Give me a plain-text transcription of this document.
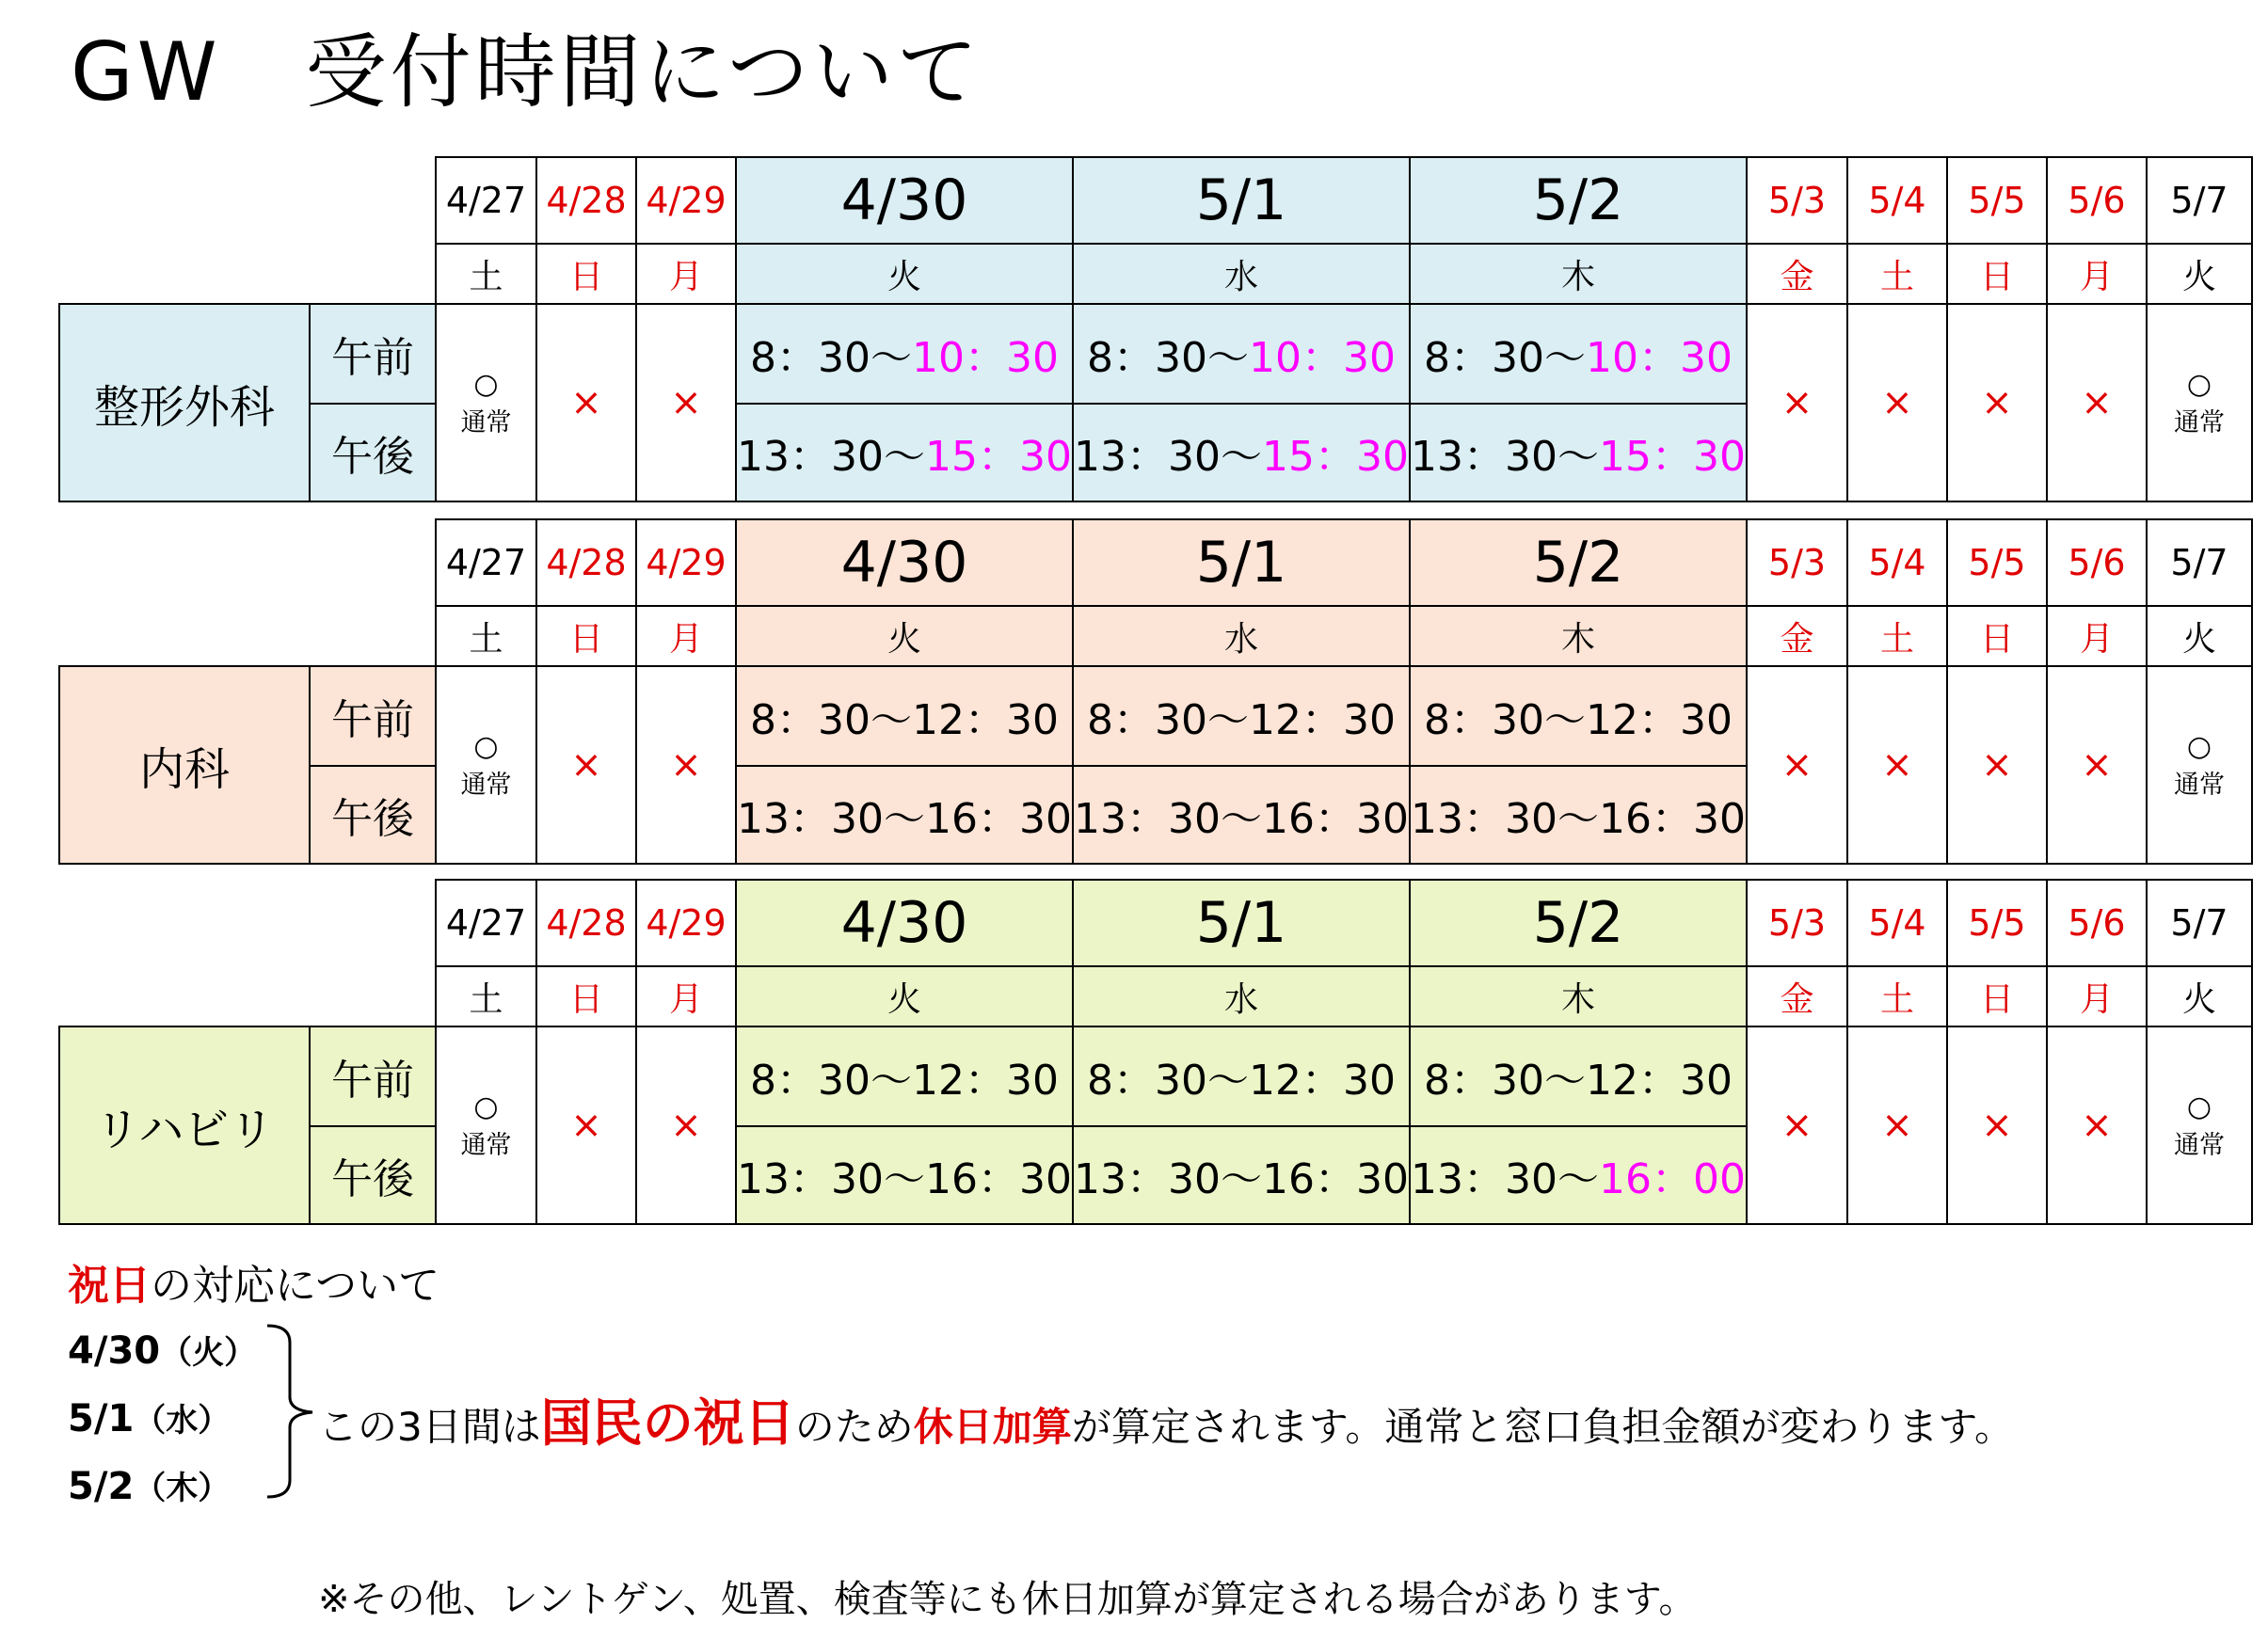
GW　受付時間について
整形外科
午前
午後
4/27
土
○
通常
4/28
日
×
4/29
月
×
4/30
火
8：30～ 10：30
13：30～ 15：30
5/1
水
8：30～ 10：30
13：30～ 15：30
5/2
木
8：30～ 10：30
13：30～ 15：30
5/3
金
×
5/4
土
×
5/5
日
×
5/6
月
×
5/7
火
○
通常
内科
午前
午後
4/27
土
○
通常
4/28
日
×
4/29
月
×
4/30
火
8：30～ 12：30
13：30～ 16：30
5/1
水
8：30～ 12：30
13：30～ 16：30
5/2
木
8：30～ 12：30
13：30～ 16：30
5/3
金
×
5/4
土
×
5/5
日
×
5/6
月
×
5/7
火
○
通常
リハビリ
午前
午後
4/27
土
○
通常
4/28
日
×
4/29
月
×
4/30
火
8：30～ 12：30
13：30～ 16：30
5/1
水
8：30～ 12：30
13：30～ 16：30
5/2
木
8：30～ 12：30
13：30～ 16：00
5/3
金
×
5/4
土
×
5/5
日
×
5/6
月
×
5/7
火
○
通常
祝日の対応について
4/30（火）
5/1（水）
5/2（木）
この3日間は国民の祝日のため休日加算が算定されます。通常と窓口負担金額が変わります。
※その他、レントゲン、処置、検査等にも休日加算が算定される場合があります。
